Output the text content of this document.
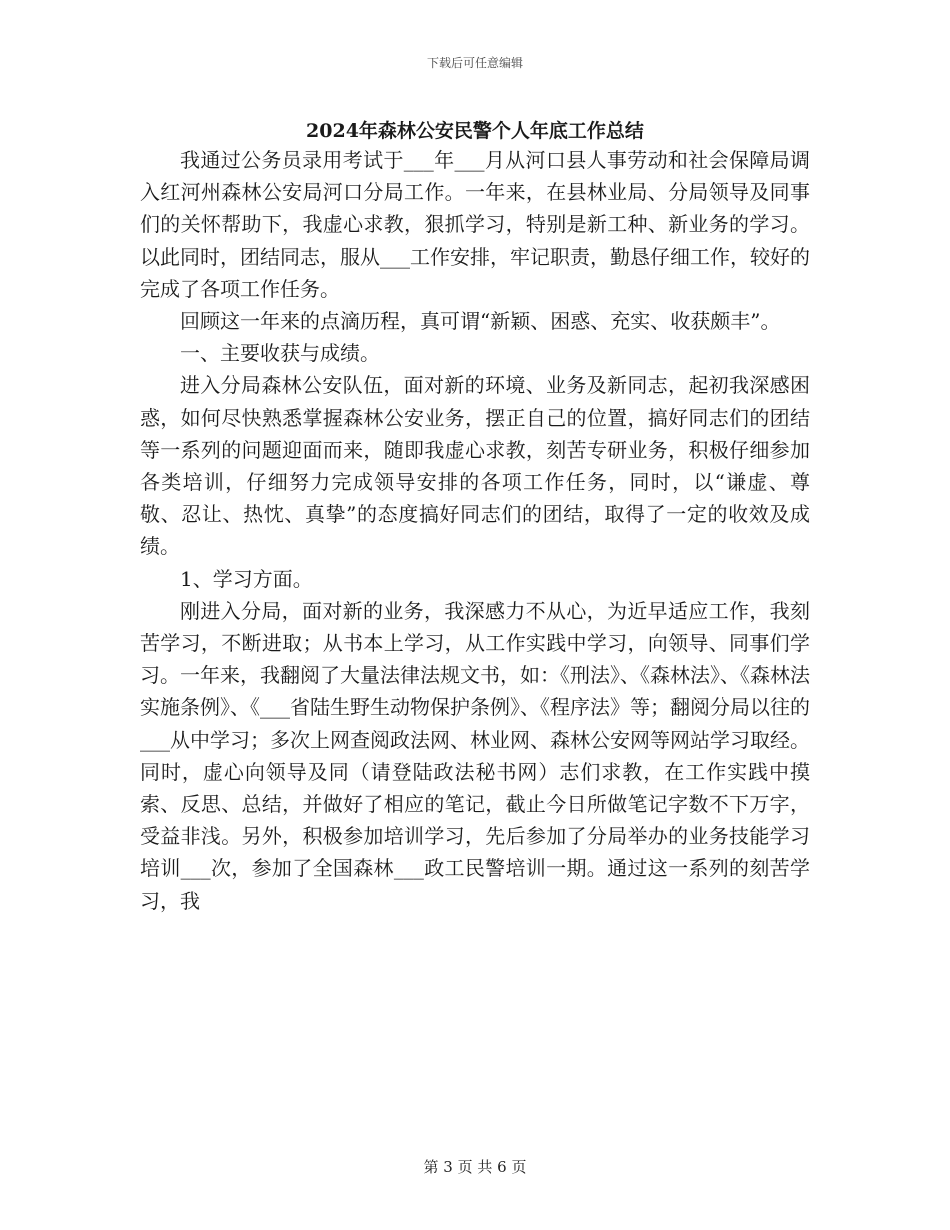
下载后可任意编辑
2024年森林公安民警个人年底工作总结

我通过公务员录用考试于___年___月从河口县人事劳动和社会保障局调入红河州森林公安局河口分局工作。一年来，在县林业局、分局领导及同事们的关怀帮助下，我虚心求教，狠抓学习，特别是新工种、新业务的学习。以此同时，团结同志，服从___工作安排，牢记职责，勤恳仔细工作，较好的完成了各项工作任务。

回顾这一年来的点滴历程，真可谓“新颖、困惑、充实、收获颇丰”。

一、主要收获与成绩。

进入分局森林公安队伍，面对新的环境、业务及新同志，起初我深感困惑，如何尽快熟悉掌握森林公安业务，摆正自己的位置，搞好同志们的团结等一系列的问题迎面而来，随即我虚心求教，刻苦专研业务，积极仔细参加各类培训，仔细努力完成领导安排的各项工作任务，同时，以“谦虚、尊敬、忍让、热忱、真挚”的态度搞好同志们的团结，取得了一定的收效及成绩。

1、学习方面。

刚进入分局，面对新的业务，我深感力不从心，为近早适应工作，我刻苦学习，不断进取；从书本上学习，从工作实践中学习，向领导、同事们学习。一年来，我翻阅了大量法律法规文书，如：《刑法》、《森林法》、《森林法实施条例》、《___省陆生野生动物保护条例》、《程序法》等；翻阅分局以往的___从中学习；多次上网查阅政法网、林业网、森林公安网等网站学习取经。同时，虚心向领导及同（请登陆政法秘书网）志们求教，在工作实践中摸索、反思、总结，并做好了相应的笔记，截止今日所做笔记字数不下万字，受益非浅。另外，积极参加培训学习，先后参加了分局举办的业务技能学习培训___次，参加了全国森林___政工民警培训一期。通过这一系列的刻苦学习，我

第 3 页 共 6 页
